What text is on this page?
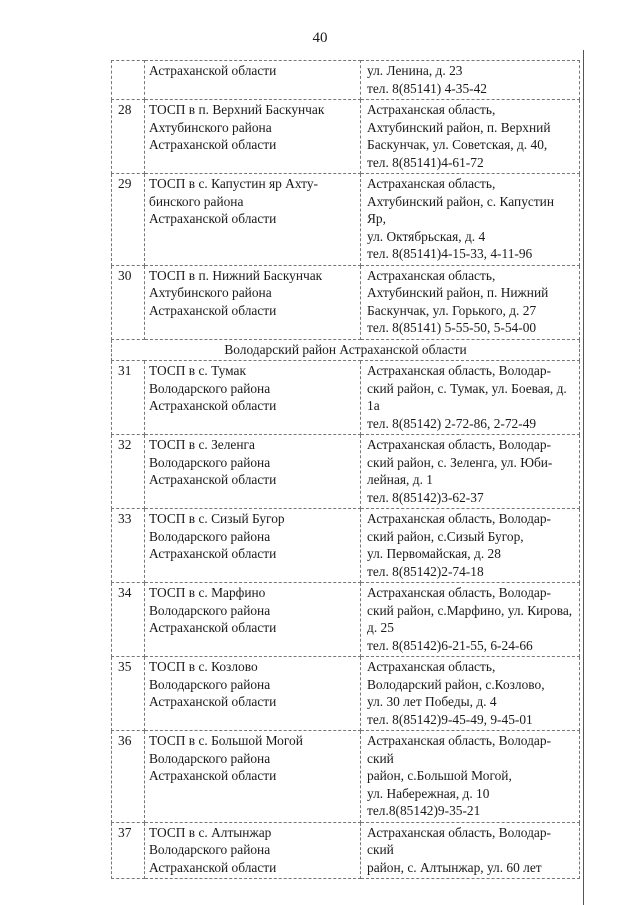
40
	Астраханской области	ул. Ленина, д. 23
тел. 8(85141) 4-35-42
28	ТОСП в п. Верхний Баскунчак
Ахтубинского района
Астраханской области	Астраханская область,
Ахтубинский район, п. Верхний
Баскунчак, ул. Советская, д. 40,
тел. 8(85141)4-61-72
29	ТОСП в с. Капустин яр Ахту-
бинского района
Астраханской области	Астраханская область,
Ахтубинский район, с. Капустин
Яр,
ул. Октябрьская, д. 4
тел. 8(85141)4-15-33, 4-11-96
30	ТОСП в п. Нижний Баскунчак
Ахтубинского района
Астраханской области	Астраханская область,
Ахтубинский район, п. Нижний
Баскунчак, ул. Горького, д. 27
тел. 8(85141) 5-55-50, 5-54-00
Володарский район Астраханской области		
31	ТОСП в с. Тумак
Володарского района
Астраханской области	Астраханская область, Володар-
ский район, с. Тумак, ул. Боевая, д.
1а
тел. 8(85142) 2-72-86, 2-72-49
32	ТОСП в с. Зеленга
Володарского района
Астраханской области	Астраханская область, Володар-
ский район, с. Зеленга, ул. Юби-
лейная, д. 1
тел. 8(85142)3-62-37
33	ТОСП в с. Сизый Бугор
Володарского района
Астраханской области	Астраханская область, Володар-
ский район, с.Сизый Бугор,
ул. Первомайская, д. 28
тел. 8(85142)2-74-18
34	ТОСП в с. Марфино
Володарского района
Астраханской области	Астраханская область, Володар-
ский район, с.Марфино, ул. Кирова,
д. 25
тел. 8(85142)6-21-55, 6-24-66
35	ТОСП в с. Козлово
Володарского района
Астраханской области	Астраханская область,
Володарский район, с.Козлово,
ул. 30 лет Победы, д. 4
тел. 8(85142)9-45-49, 9-45-01
36	ТОСП в с. Большой Могой
Володарского района
Астраханской области	Астраханская область, Володар-
ский
район, с.Большой Могой,
ул. Набережная, д. 10
тел.8(85142)9-35-21
37	ТОСП в с. Алтынжар
Володарского района
Астраханской области	Астраханская область, Володар-
ский
район, с. Алтынжар, ул. 60 лет
